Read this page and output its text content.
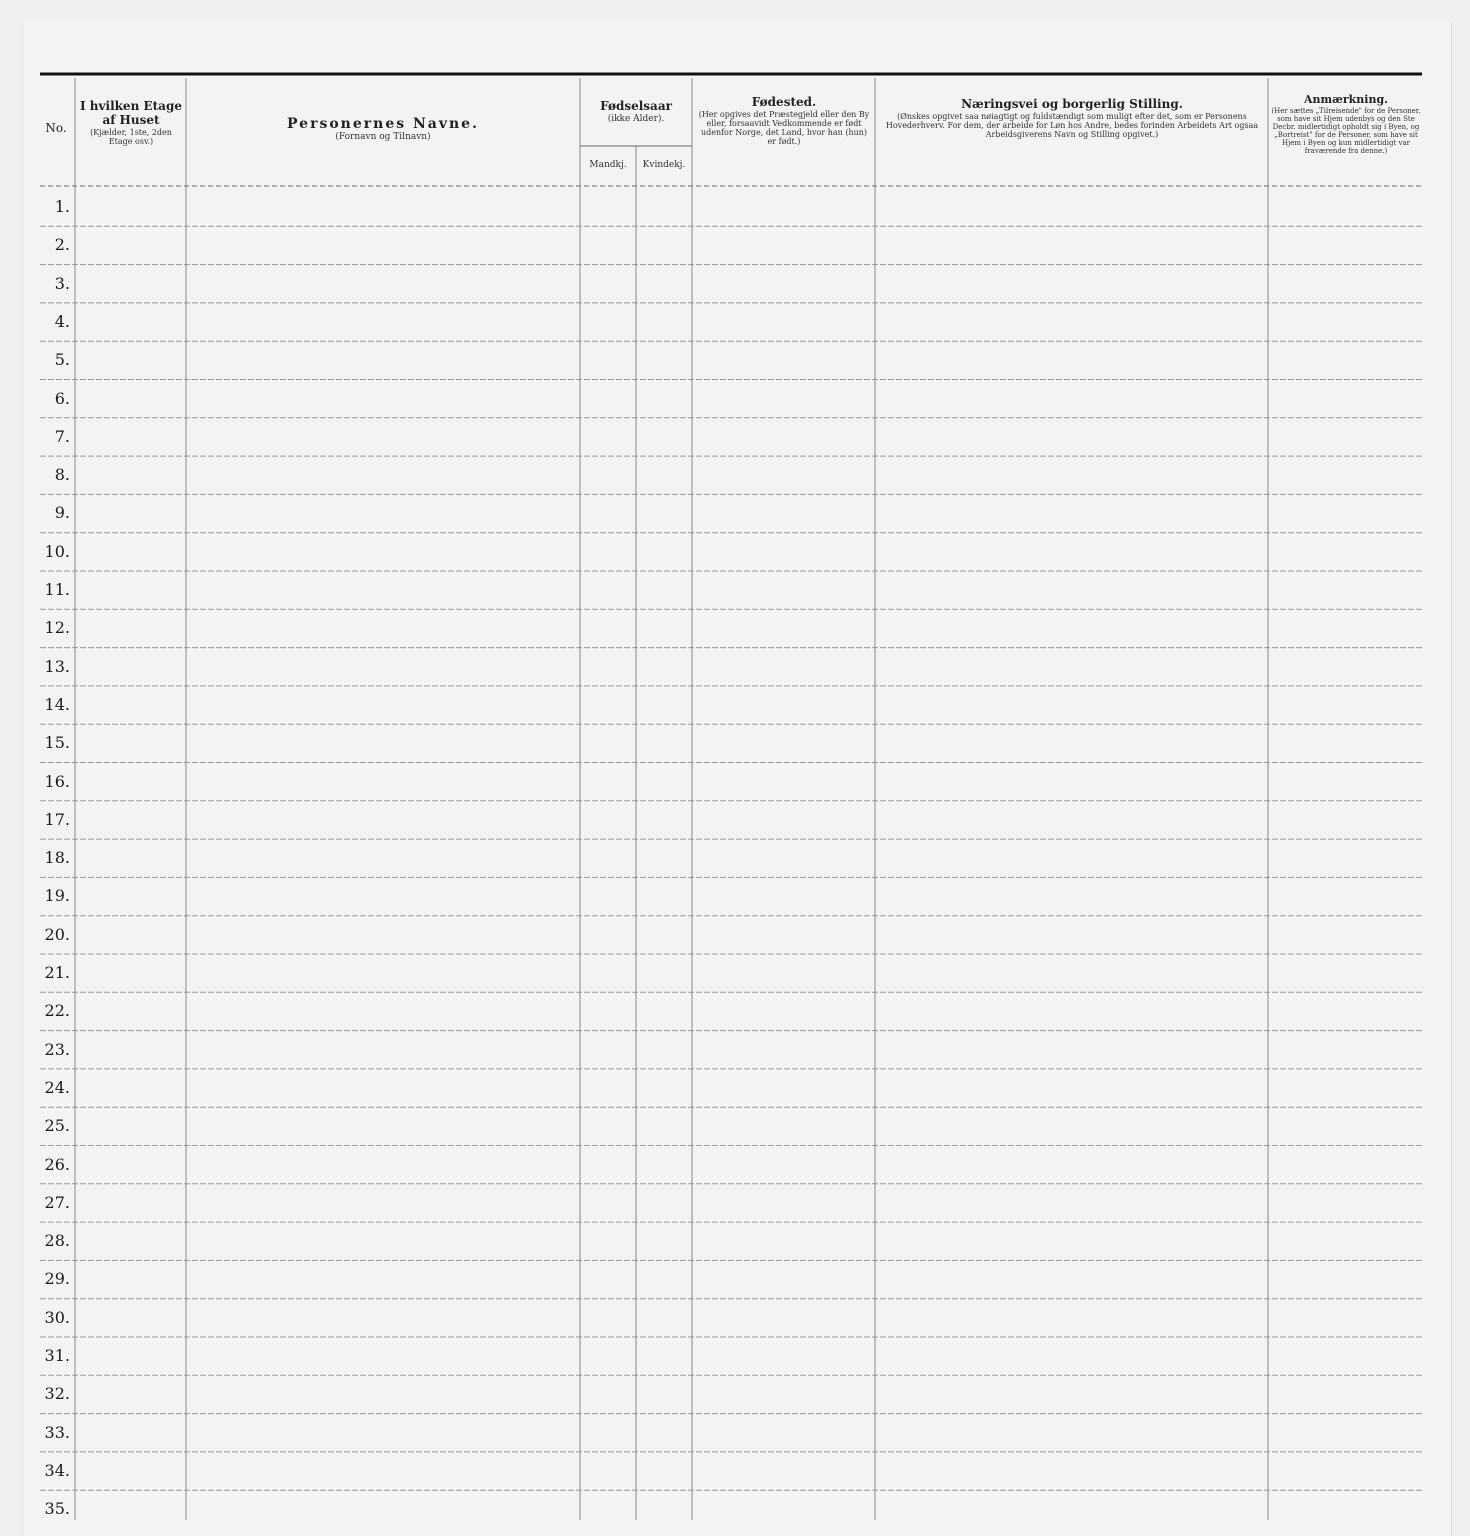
No.
I hvilken Etage af Huset
(Kjælder, 1ste, 2den Etage osv.)
Personernes Navne.
(Fornavn og Tilnavn)
Fødselsaar
(ikke Alder).
Mandkj.	Kvindekj.
Fødested.
(Her opgives det Præstegjeld eller den By eller, forsaavidt Vedkommende er født udenfor Norge, det Land, hvor han (hun) er født.)
Næringsvei og borgerlig Stilling.
(Ønskes opgivet saa nøiagtigt og fuldstændigt som muligt efter det, som er Personens Hovederhverv. For dem, der arbeide for Løn hos Andre, bedes forinden Arbeidets Art ogsaa Arbeidsgiverens Navn og Stilling opgivet.)
Anmærkning.
(Her sættes „Tilreisende" for de Personer, som have sit Hjem udenbys og den Ste Decbr. midlertidigt opholdt sig i Byen, og „Bortreist" for de Personer, som have sit Hjem i Byen og kun midlertidigt var fraværende fra denne.)
1.
2.
3.
4.
5.
6.
7.
8.
9.
10.
11.
12.
13.
14.
15.
16.
17.
18.
19.
20.
21.
22.
23.
24.
25.
26.
27.
28.
29.
30.
31.
32.
33.
34.
35.
